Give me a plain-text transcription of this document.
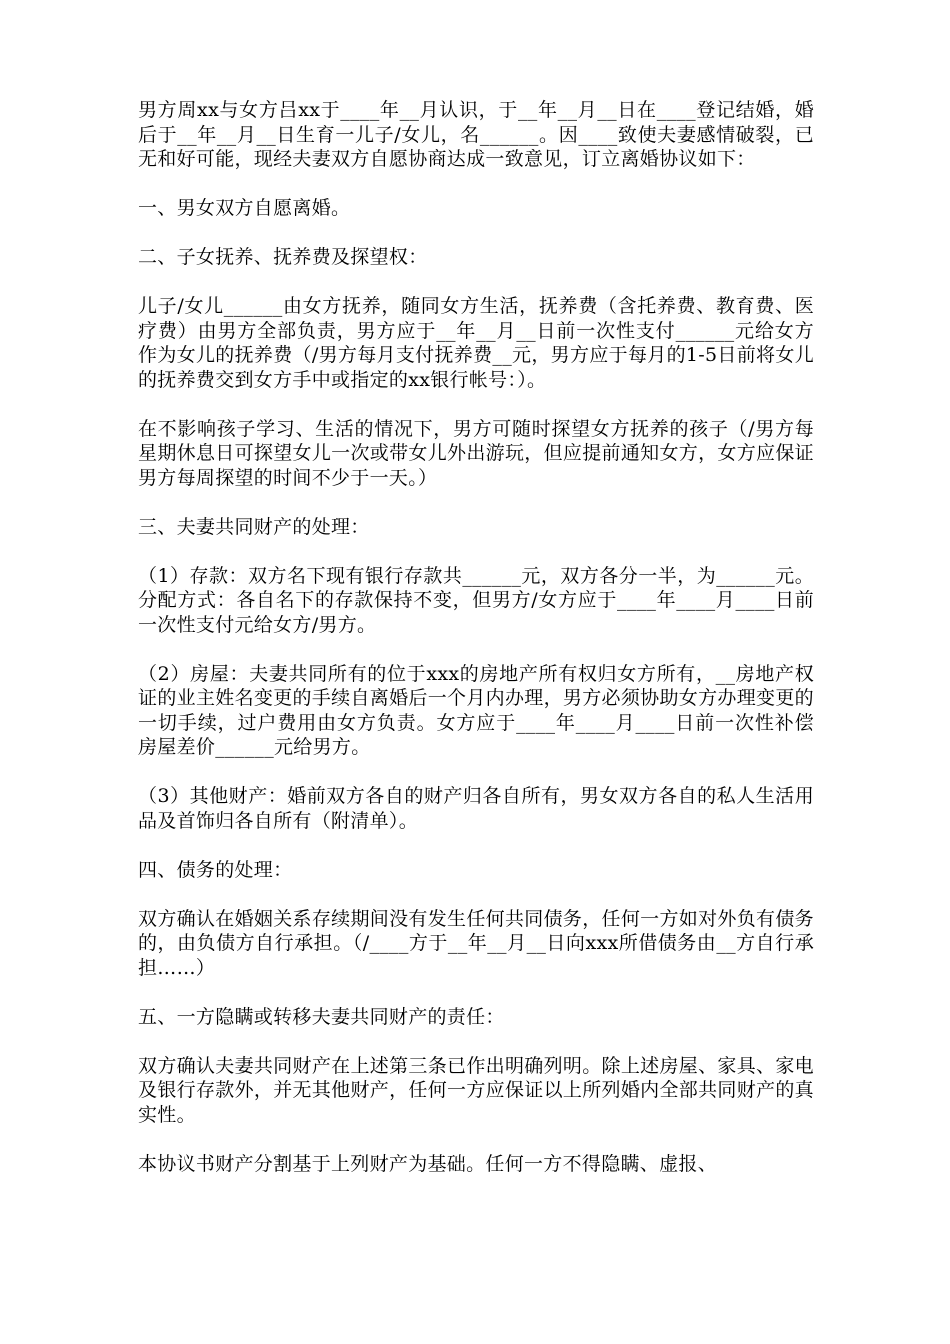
男方周xx与女方吕xx于____年__月认识，于__年__月__日在____登记结婚，婚后于__年__月__日生育一儿子/女儿，名______。因____致使夫妻感情破裂，已无和好可能，现经夫妻双方自愿协商达成一致意见，订立离婚协议如下：

一、男女双方自愿离婚。

二、子女抚养、抚养费及探望权：

儿子/女儿______由女方抚养，随同女方生活，抚养费（含托养费、教育费、医疗费）由男方全部负责，男方应于__年__月__日前一次性支付______元给女方作为女儿的抚养费（/男方每月支付抚养费__元，男方应于每月的1-5日前将女儿的抚养费交到女方手中或指定的xx银行帐号：）。

在不影响孩子学习、生活的情况下，男方可随时探望女方抚养的孩子（/男方每星期休息日可探望女儿一次或带女儿外出游玩，但应提前通知女方，女方应保证男方每周探望的时间不少于一天。）

三、夫妻共同财产的处理：

（1）存款：双方名下现有银行存款共______元，双方各分一半，为______元。分配方式：各自名下的存款保持不变，但男方/女方应于____年____月____日前一次性支付元给女方/男方。

（2）房屋：夫妻共同所有的位于xxx的房地产所有权归女方所有，__房地产权证的业主姓名变更的手续自离婚后一个月内办理，男方必须协助女方办理变更的一切手续，过户费用由女方负责。女方应于____年____月____日前一次性补偿房屋差价______元给男方。

（3）其他财产：婚前双方各自的财产归各自所有，男女双方各自的私人生活用品及首饰归各自所有（附清单）。

四、债务的处理：

双方确认在婚姻关系存续期间没有发生任何共同债务，任何一方如对外负有债务的，由负债方自行承担。（/____方于__年__月__日向xxx所借债务由__方自行承担……）

五、一方隐瞒或转移夫妻共同财产的责任：

双方确认夫妻共同财产在上述第三条已作出明确列明。除上述房屋、家具、家电及银行存款外，并无其他财产，任何一方应保证以上所列婚内全部共同财产的真实性。

本协议书财产分割基于上列财产为基础。任何一方不得隐瞒、虚报、
